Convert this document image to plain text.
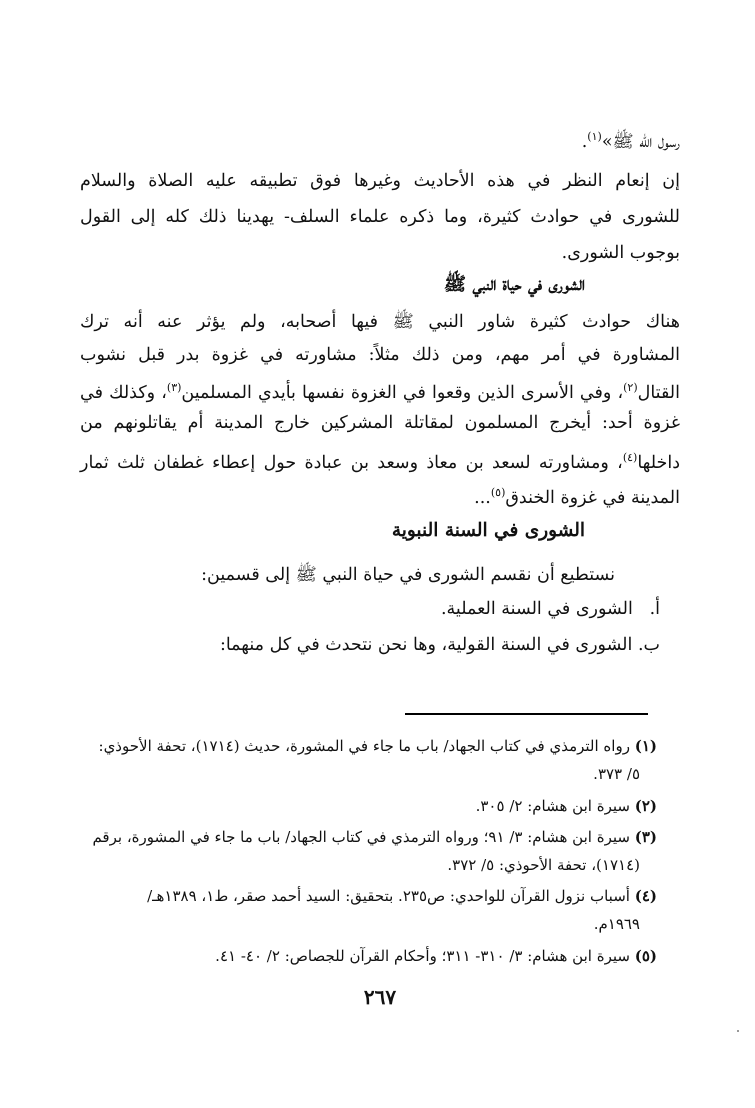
رسول الله ﷺ»$^{(١)}$.
إن إنعام النظر في هذه الأحاديث وغيرها فوق تطبيقه عليه الصلاة والسلام
للشورى في حوادث كثيرة، وما ذكره علماء السلف- يهدينا ذلك كله إلى القول
بوجوب الشورى.
الشورى في حياة النبي ﷺ
هناك حوادث كثيرة شاور النبي ﷺ فيها أصحابه، ولم يؤثر عنه أنه ترك
المشاورة في أمر مهم، ومن ذلك مثلاً: مشاورته في غزوة بدر قبل نشوب
القتال$^{(٢)}$، وفي الأسرى الذين وقعوا في الغزوة نفسها بأيدي المسلمين$^{(٣)}$، وكذلك في
غزوة أحد: أيخرج المسلمون لمقاتلة المشركين خارج المدينة أم يقاتلونهم من
داخلها$^{(٤)}$، ومشاورته لسعد بن معاذ وسعد بن عبادة حول إعطاء غطفان ثلث ثمار
المدينة في غزوة الخندق$^{(٥)}$...
الشورى في السنة النبوية
نستطيع أن نقسم الشورى في حياة النبي ﷺ إلى قسمين:
أ.   الشورى في السنة العملية.
ب. الشورى في السنة القولية، وها نحن نتحدث في كل منهما:
(١) رواه الترمذي في كتاب الجهاد/ باب ما جاء في المشورة، حديث (١٧١٤)، تحفة الأحوذي:
٥/ ٣٧٣.
(٢) سيرة ابن هشام: ٢/ ٣٠٥.
(٣) سيرة ابن هشام: ٣/ ٩١؛ ورواه الترمذي في كتاب الجهاد/ باب ما جاء في المشورة، برقم
(١٧١٤)، تحفة الأحوذي: ٥/ ٣٧٢.
(٤) أسباب نزول القرآن للواحدي: ص٢٣٥. بتحقيق: السيد أحمد صقر، ط١، ١٣٨٩هـ/
١٩٦٩م.
(٥) سيرة ابن هشام: ٣/ ٣١٠- ٣١١؛ وأحكام القرآن للجصاص: ٢/ ٤٠- ٤١.
٢٦٧
